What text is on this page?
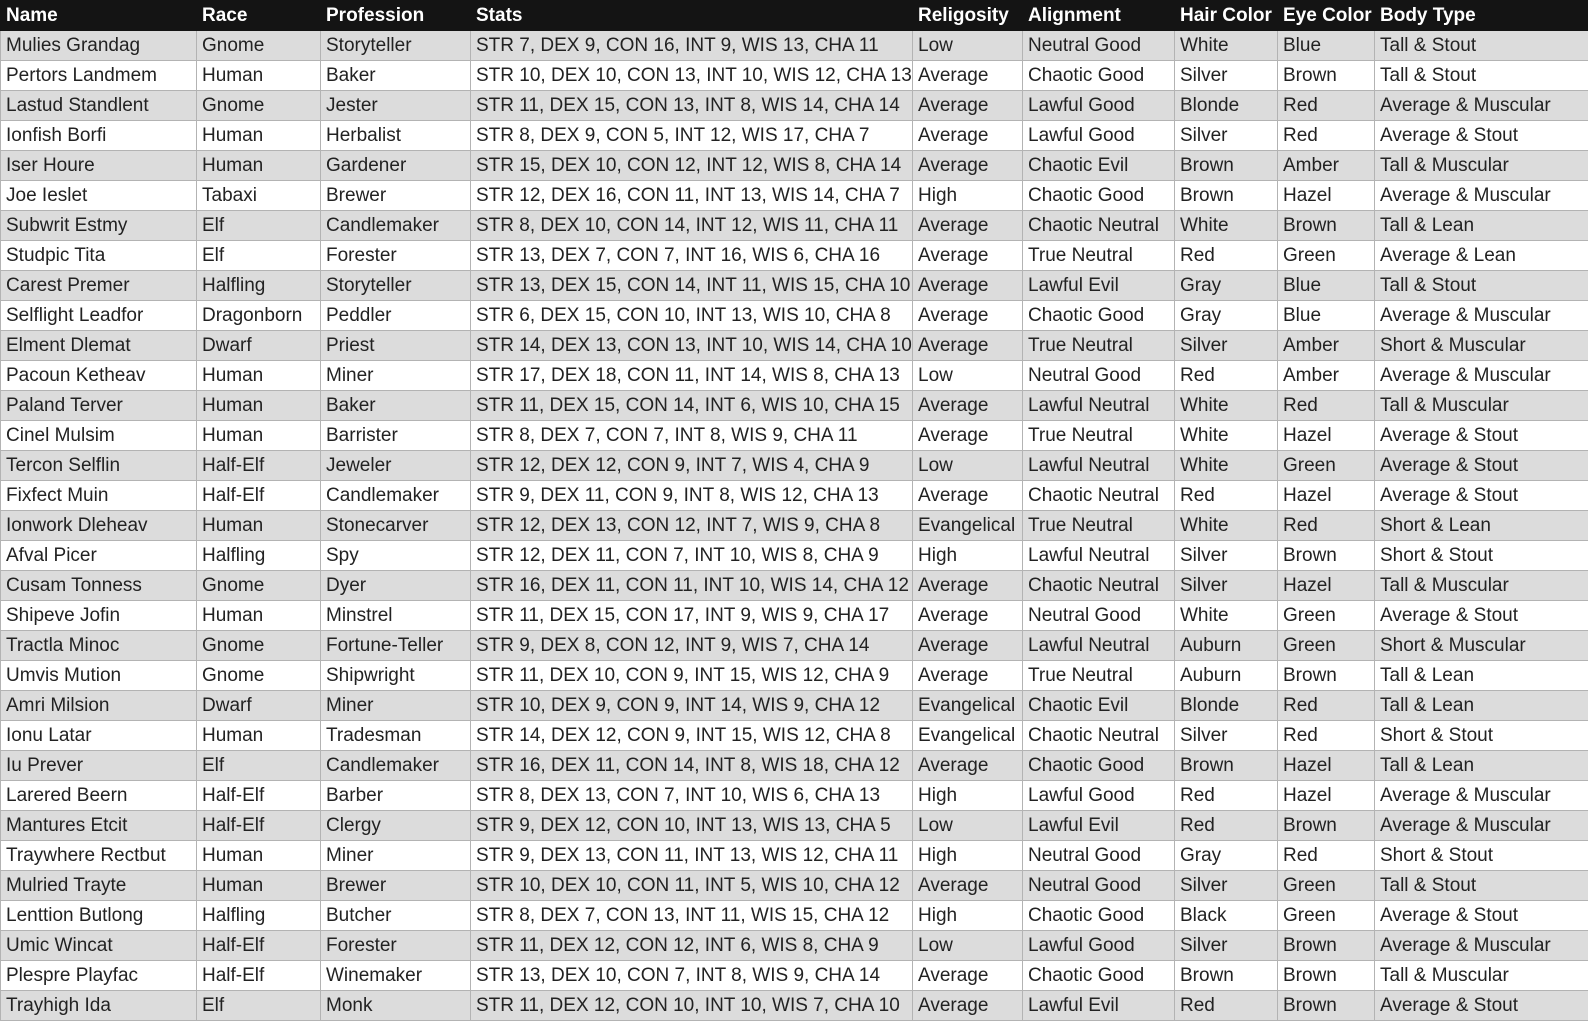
Name	Race	Profession	Stats	Religosity	Alignment	Hair Color	Eye Color	Body Type
Mulies Grandag	Gnome	Storyteller	STR 7, DEX 9, CON 16, INT 9, WIS 13, CHA 11	Low	Neutral Good	White	Blue	Tall & Stout
Pertors Landmem	Human	Baker	STR 10, DEX 10, CON 13, INT 10, WIS 12, CHA 13	Average	Chaotic Good	Silver	Brown	Tall & Stout
Lastud Standlent	Gnome	Jester	STR 11, DEX 15, CON 13, INT 8, WIS 14, CHA 14	Average	Lawful Good	Blonde	Red	Average & Muscular
Ionfish Borfi	Human	Herbalist	STR 8, DEX 9, CON 5, INT 12, WIS 17, CHA 7	Average	Lawful Good	Silver	Red	Average & Stout
Iser Houre	Human	Gardener	STR 15, DEX 10, CON 12, INT 12, WIS 8, CHA 14	Average	Chaotic Evil	Brown	Amber	Tall & Muscular
Joe Ieslet	Tabaxi	Brewer	STR 12, DEX 16, CON 11, INT 13, WIS 14, CHA 7	High	Chaotic Good	Brown	Hazel	Average & Muscular
Subwrit Estmy	Elf	Candlemaker	STR 8, DEX 10, CON 14, INT 12, WIS 11, CHA 11	Average	Chaotic Neutral	White	Brown	Tall & Lean
Studpic Tita	Elf	Forester	STR 13, DEX 7, CON 7, INT 16, WIS 6, CHA 16	Average	True Neutral	Red	Green	Average & Lean
Carest Premer	Halfling	Storyteller	STR 13, DEX 15, CON 14, INT 11, WIS 15, CHA 10	Average	Lawful Evil	Gray	Blue	Tall & Stout
Selflight Leadfor	Dragonborn	Peddler	STR 6, DEX 15, CON 10, INT 13, WIS 10, CHA 8	Average	Chaotic Good	Gray	Blue	Average & Muscular
Elment Dlemat	Dwarf	Priest	STR 14, DEX 13, CON 13, INT 10, WIS 14, CHA 10	Average	True Neutral	Silver	Amber	Short & Muscular
Pacoun Ketheav	Human	Miner	STR 17, DEX 18, CON 11, INT 14, WIS 8, CHA 13	Low	Neutral Good	Red	Amber	Average & Muscular
Paland Terver	Human	Baker	STR 11, DEX 15, CON 14, INT 6, WIS 10, CHA 15	Average	Lawful Neutral	White	Red	Tall & Muscular
Cinel Mulsim	Human	Barrister	STR 8, DEX 7, CON 7, INT 8, WIS 9, CHA 11	Average	True Neutral	White	Hazel	Average & Stout
Tercon Selflin	Half-Elf	Jeweler	STR 12, DEX 12, CON 9, INT 7, WIS 4, CHA 9	Low	Lawful Neutral	White	Green	Average & Stout
Fixfect Muin	Half-Elf	Candlemaker	STR 9, DEX 11, CON 9, INT 8, WIS 12, CHA 13	Average	Chaotic Neutral	Red	Hazel	Average & Stout
Ionwork Dleheav	Human	Stonecarver	STR 12, DEX 13, CON 12, INT 7, WIS 9, CHA 8	Evangelical	True Neutral	White	Red	Short & Lean
Afval Picer	Halfling	Spy	STR 12, DEX 11, CON 7, INT 10, WIS 8, CHA 9	High	Lawful Neutral	Silver	Brown	Short & Stout
Cusam Tonness	Gnome	Dyer	STR 16, DEX 11, CON 11, INT 10, WIS 14, CHA 12	Average	Chaotic Neutral	Silver	Hazel	Tall & Muscular
Shipeve Jofin	Human	Minstrel	STR 11, DEX 15, CON 17, INT 9, WIS 9, CHA 17	Average	Neutral Good	White	Green	Average & Stout
Tractla Minoc	Gnome	Fortune-Teller	STR 9, DEX 8, CON 12, INT 9, WIS 7, CHA 14	Average	Lawful Neutral	Auburn	Green	Short & Muscular
Umvis Mution	Gnome	Shipwright	STR 11, DEX 10, CON 9, INT 15, WIS 12, CHA 9	Average	True Neutral	Auburn	Brown	Tall & Lean
Amri Milsion	Dwarf	Miner	STR 10, DEX 9, CON 9, INT 14, WIS 9, CHA 12	Evangelical	Chaotic Evil	Blonde	Red	Tall & Lean
Ionu Latar	Human	Tradesman	STR 14, DEX 12, CON 9, INT 15, WIS 12, CHA 8	Evangelical	Chaotic Neutral	Silver	Red	Short & Stout
Iu Prever	Elf	Candlemaker	STR 16, DEX 11, CON 14, INT 8, WIS 18, CHA 12	Average	Chaotic Good	Brown	Hazel	Tall & Lean
Larered Beern	Half-Elf	Barber	STR 8, DEX 13, CON 7, INT 10, WIS 6, CHA 13	High	Lawful Good	Red	Hazel	Average & Muscular
Mantures Etcit	Half-Elf	Clergy	STR 9, DEX 12, CON 10, INT 13, WIS 13, CHA 5	Low	Lawful Evil	Red	Brown	Average & Muscular
Traywhere Rectbut	Human	Miner	STR 9, DEX 13, CON 11, INT 13, WIS 12, CHA 11	High	Neutral Good	Gray	Red	Short & Stout
Mulried Trayte	Human	Brewer	STR 10, DEX 10, CON 11, INT 5, WIS 10, CHA 12	Average	Neutral Good	Silver	Green	Tall & Stout
Lenttion Butlong	Halfling	Butcher	STR 8, DEX 7, CON 13, INT 11, WIS 15, CHA 12	High	Chaotic Good	Black	Green	Average & Stout
Umic Wincat	Half-Elf	Forester	STR 11, DEX 12, CON 12, INT 6, WIS 8, CHA 9	Low	Lawful Good	Silver	Brown	Average & Muscular
Plespre Playfac	Half-Elf	Winemaker	STR 13, DEX 10, CON 7, INT 8, WIS 9, CHA 14	Average	Chaotic Good	Brown	Brown	Tall & Muscular
Trayhigh Ida	Elf	Monk	STR 11, DEX 12, CON 10, INT 10, WIS 7, CHA 10	Average	Lawful Evil	Red	Brown	Average & Stout
